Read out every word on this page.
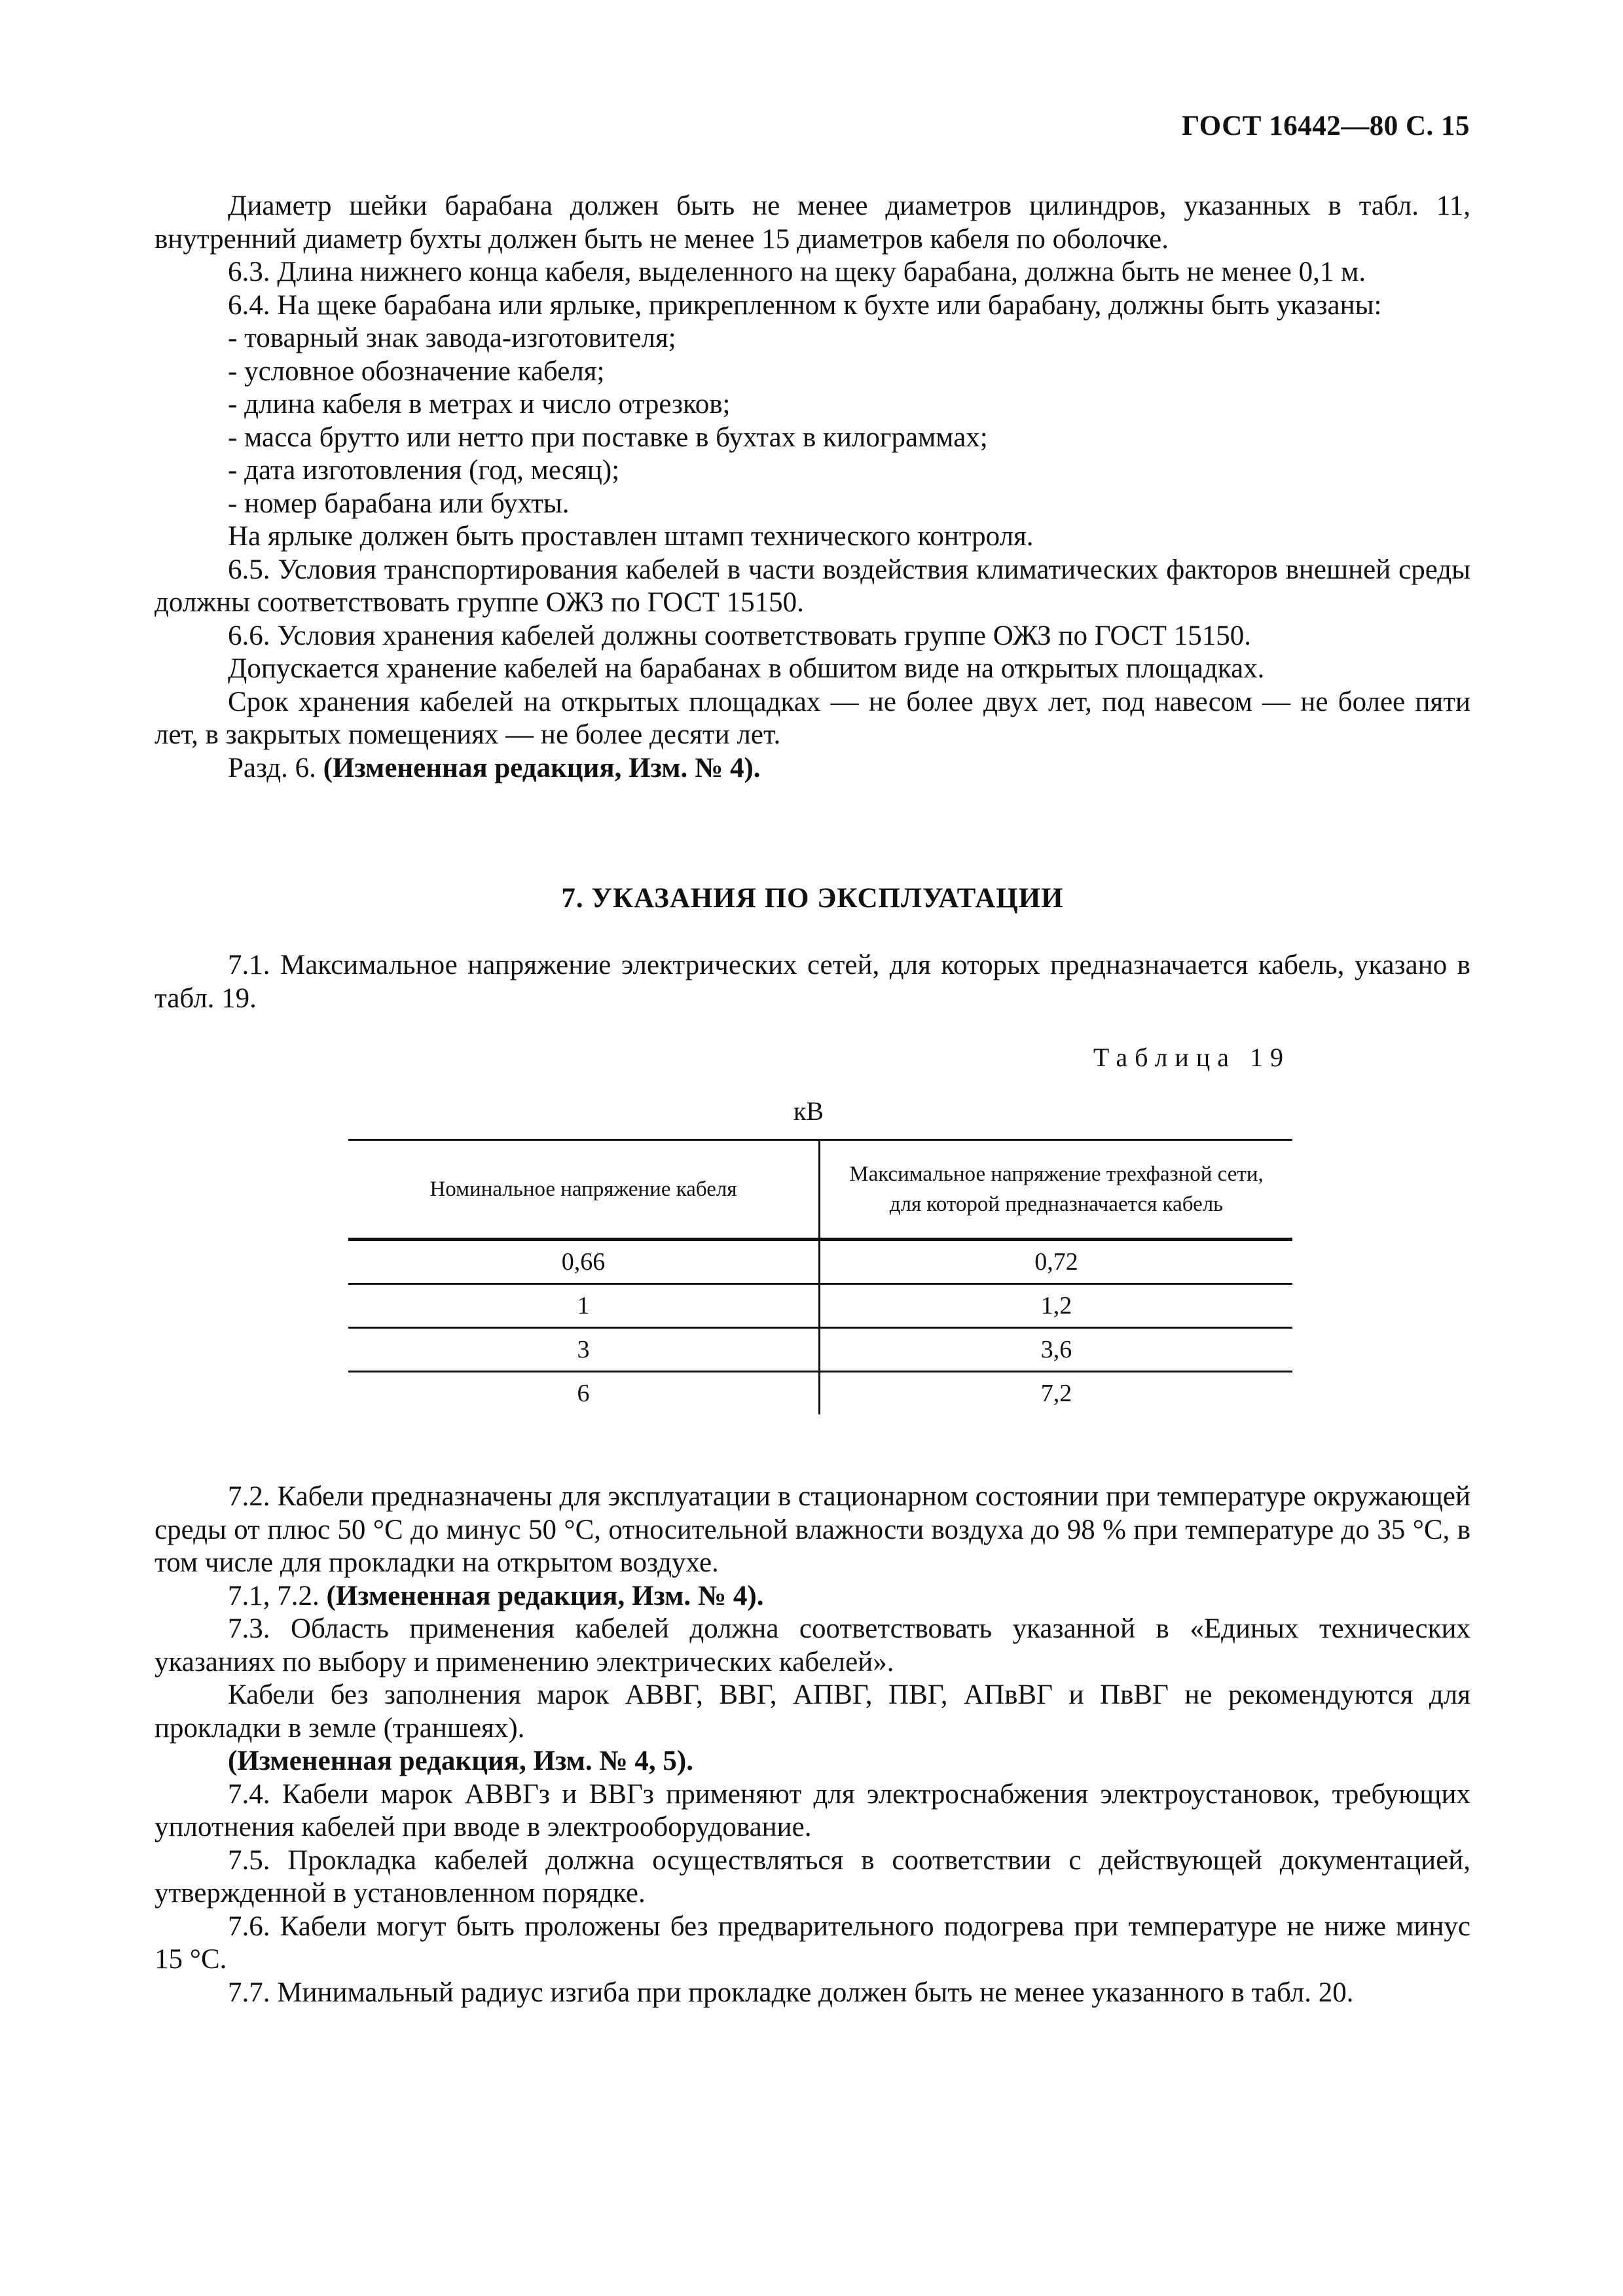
ГОСТ 16442—80 С. 15

Диаметр шейки барабана должен быть не менее диаметров цилиндров, указанных в табл. 11, внутренний диаметр бухты должен быть не менее 15 диаметров кабеля по оболочке.

6.3. Длина нижнего конца кабеля, выделенного на щеку барабана, должна быть не менее 0,1 м.

6.4. На щеке барабана или ярлыке, прикрепленном к бухте или барабану, должны быть указаны:

- товарный знак завода-изготовителя;

- условное обозначение кабеля;

- длина кабеля в метрах и число отрезков;

- масса брутто или нетто при поставке в бухтах в килограммах;

- дата изготовления (год, месяц);

- номер барабана или бухты.

На ярлыке должен быть проставлен штамп технического контроля.

6.5. Условия транспортирования кабелей в части воздействия климатических факторов внешней среды должны соответствовать группе ОЖЗ по ГОСТ 15150.

6.6. Условия хранения кабелей должны соответствовать группе ОЖЗ по ГОСТ 15150.

Допускается хранение кабелей на барабанах в обшитом виде на открытых площадках.

Срок хранения кабелей на открытых площадках — не более двух лет, под навесом — не более пяти лет, в закрытых помещениях — не более десяти лет.

Разд. 6. (Измененная редакция, Изм. № 4).

7. УКАЗАНИЯ ПО ЭКСПЛУАТАЦИИ

7.1. Максимальное напряжение электрических сетей, для которых предназначается кабель, указано в табл. 19.

Таблица 19
кВ
Номинальное напряжение кабеля
Максимальное напряжение трехфазной сети, для которой предназначается кабель
0,66	0,72
1	1,2
3	3,6
6	7,2

7.2. Кабели предназначены для эксплуатации в стационарном состоянии при температуре окружающей среды от плюс 50 °С до минус 50 °С, относительной влажности воздуха до 98 % при температуре до 35 °С, в том числе для прокладки на открытом воздухе.

7.1, 7.2. (Измененная редакция, Изм. № 4).

7.3. Область применения кабелей должна соответствовать указанной в «Единых технических указаниях по выбору и применению электрических кабелей».

Кабели без заполнения марок АВВГ, ВВГ, АПВГ, ПВГ, АПвВГ и ПвВГ не рекомендуются для прокладки в земле (траншеях).

(Измененная редакция, Изм. № 4, 5).

7.4. Кабели марок АВВГз и ВВГз применяют для электроснабжения электроустановок, требующих уплотнения кабелей при вводе в электрооборудование.

7.5. Прокладка кабелей должна осуществляться в соответствии с действующей документацией, утвержденной в установленном порядке.

7.6. Кабели могут быть проложены без предварительного подогрева при температуре не ниже минус 15 °С.

7.7. Минимальный радиус изгиба при прокладке должен быть не менее указанного в табл. 20.
